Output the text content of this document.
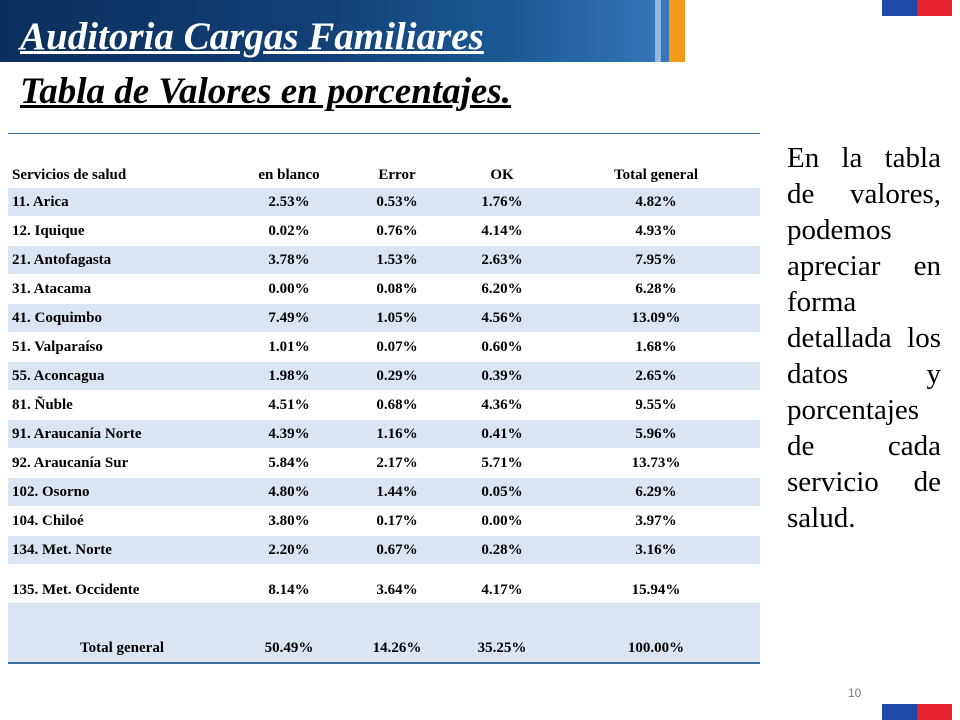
Auditoria Cargas Familiares
Tabla de Valores en porcentajes.
Servicios de salud	en blanco	Error	OK	Total general
11. Arica	2.53%	0.53%	1.76%	4.82%
12. Iquique	0.02%	0.76%	4.14%	4.93%
21. Antofagasta	3.78%	1.53%	2.63%	7.95%
31. Atacama	0.00%	0.08%	6.20%	6.28%
41. Coquimbo	7.49%	1.05%	4.56%	13.09%
51. Valparaíso	1.01%	0.07%	0.60%	1.68%
55. Aconcagua	1.98%	0.29%	0.39%	2.65%
81. Ñuble	4.51%	0.68%	4.36%	9.55%
91. Araucanía Norte	4.39%	1.16%	0.41%	5.96%
92. Araucanía Sur	5.84%	2.17%	5.71%	13.73%
102. Osorno	4.80%	1.44%	0.05%	6.29%
104. Chiloé	3.80%	0.17%	0.00%	3.97%
134. Met. Norte	2.20%	0.67%	0.28%	3.16%
135. Met. Occidente	8.14%	3.64%	4.17%	15.94%
Total general	50.49%	14.26%	35.25%	100.00%

En la tabla de valores, podemos apreciar en forma detallada los datos y porcentajes de cada servicio de salud.

10
